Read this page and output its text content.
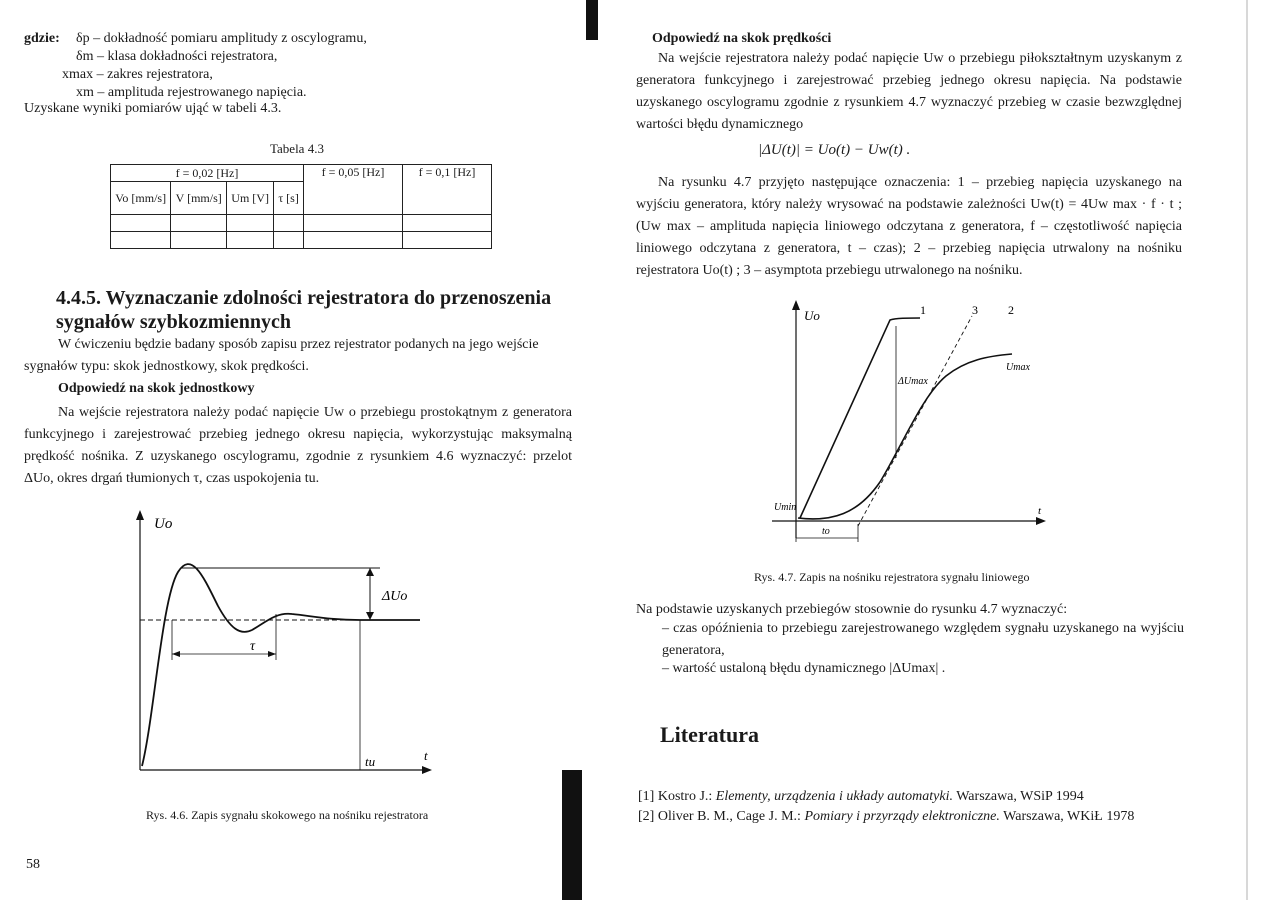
gdzie: δp – dokładność pomiaru amplitudy z oscylogramu,
δm – klasa dokładności rejestratora,
xmax – zakres rejestratora,
xm – amplituda rejestrowanego napięcia.
Uzyskane wyniki pomiarów ująć w tabeli 4.3.
Tabela 4.3
f = 0,02 [Hz]				f = 0,05 [Hz]	f = 0,1 [Hz]
Vo [mm/s]	V [mm/s]	Um [V]	τ [s]		

4.4.5. Wyznaczanie zdolności rejestratora do przenoszenia sygnałów szybkozmiennych
W ćwiczeniu będzie badany sposób zapisu przez rejestrator podanych na jego wejście sygnałów typu: skok jednostkowy, skok prędkości.
Odpowiedź na skok jednostkowy
Na wejście rejestratora należy podać napięcie Uw o przebiegu prostokątnym z generatora funkcyjnego i zarejestrować przebieg jednego okresu napięcia, wykorzystując maksymalną prędkość nośnika. Z uzyskanego oscylogramu, zgodnie z rysunkiem 4.6 wyznaczyć: przelot ΔUo, okres drgań tłumionych τ, czas uspokojenia tu.
Uo
ΔUo
τ
tu	t
Rys. 4.6. Zapis sygnału skokowego na nośniku rejestratora
58
Odpowiedź na skok prędkości
Na wejście rejestratora należy podać napięcie Uw o przebiegu piłokształtnym uzyskanym z generatora funkcyjnego i zarejestrować przebieg jednego okresu napięcia. Na podstawie uzyskanego oscylogramu zgodnie z rysunkiem 4.7 wyznaczyć przebieg w czasie bezwzględnej wartości błędu dynamicznego
|ΔU(t)| = Uo(t) − Uw(t) .
Na rysunku 4.7 przyjęto następujące oznaczenia: 1 – przebieg napięcia uzyskanego na wyjściu generatora, który należy wrysować na podstawie zależności Uw(t) = 4Uw max · f · t ; (Uw max – amplituda napięcia liniowego odczytana z generatora, f – częstotliwość napięcia liniowego odczytana z generatora, t – czas); 2 – przebieg napięcia utrwalony na nośniku rejestratora Uo(t) ; 3 – asymptota przebiegu utrwalonego na nośniku.
Uo	1	3	2
Umax
ΔUmax
Umin
to
t
Rys. 4.7. Zapis na nośniku rejestratora sygnału liniowego
Na podstawie uzyskanych przebiegów stosownie do rysunku 4.7 wyznaczyć:
– czas opóźnienia to przebiegu zarejestrowanego względem sygnału uzyskanego na wyjściu generatora,
– wartość ustaloną błędu dynamicznego |ΔUmax| .
Literatura
[1] Kostro J.: Elementy, urządzenia i układy automatyki. Warszawa, WSiP 1994
[2] Oliver B. M., Cage J. M.: Pomiary i przyrządy elektroniczne. Warszawa, WKiŁ 1978
